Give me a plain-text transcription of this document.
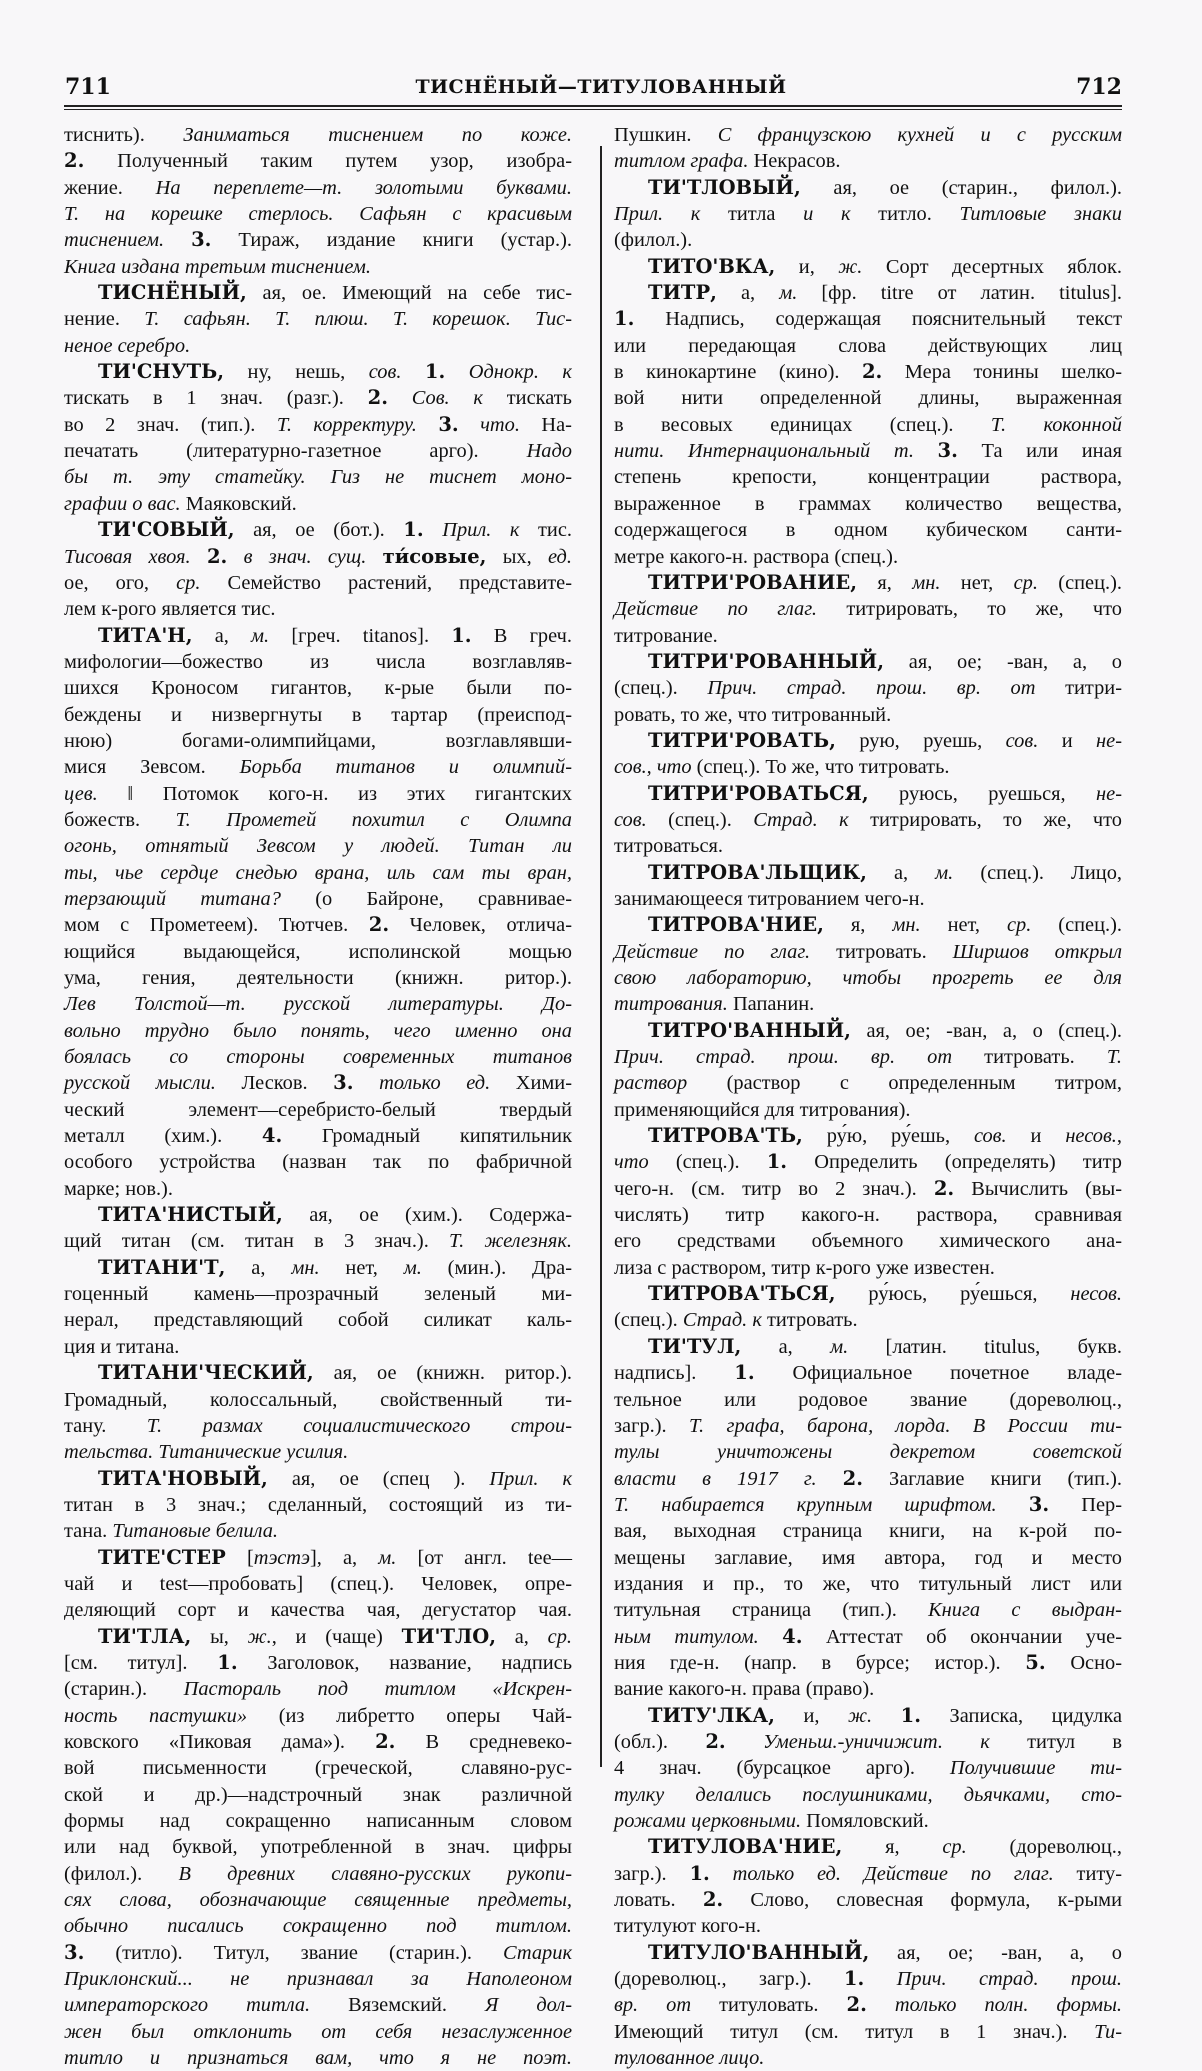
711	ТИСНЁНЫЙ—ТИТУЛОВАННЫЙ	712
тиснить). Заниматься тиснением по коже.
2. Полученный таким путем узор, изобра-
жение. На переплете—т. золотыми буквами.
Т. на корешке стерлось. Сафьян с красивым
тиснением. 3. Тираж, издание книги (устар.).
Книга издана третьим тиснением.
ТИСНЁНЫЙ, ая, ое. Имеющий на себе тис-
нение. Т. сафьян. Т. плюш. Т. корешок. Тис-
неное серебро.
ТИ'СНУТЬ, ну, нешь, сов. 1. Однокр. к
тискать в 1 знач. (разг.). 2. Сов. к тискать
во 2 знач. (тип.). Т. корректуру. 3. что. На-
печатать (литературно-газетное арго). Надо
бы т. эту статейку. Гиз не тиснет моно-
графии о вас. Маяковский.
ТИ'СОВЫЙ, ая, ое (бот.). 1. Прил. к тис.
Тисовая хвоя. 2. в знач. сущ. ти́совые, ых, ед.
ое, ого, ср. Семейство растений, представите-
лем к-рого является тис.
ТИТА'Н, а, м. [греч. titanos]. 1. В греч.
мифологии—божество из числа возглавляв-
шихся Кроносом гигантов, к-рые были по-
беждены и низвергнуты в тартар (преиспод-
нюю) богами-олимпийцами, возглавлявши-
мися Зевсом. Борьба титанов и олимпий-
цев. ‖ Потомок кого-н. из этих гигантских
божеств. Т. Прометей похитил с Олимпа
огонь, отнятый Зевсом у людей. Титан ли
ты, чье сердце снедью врана, иль сам ты вран,
терзающий титана? (о Байроне, сравнивае-
мом с Прометеем). Тютчев. 2. Человек, отлича-
ющийся выдающейся, исполинской мощью
ума, гения, деятельности (книжн. ритор.).
Лев Толстой—т. русской литературы. До-
вольно трудно было понять, чего именно она
боялась со стороны современных титанов
русской мысли. Лесков. 3. только ед. Хими-
ческий элемент—серебристо-белый твердый
металл (хим.). 4. Громадный кипятильник
особого устройства (назван так по фабричной
марке; нов.).
ТИТА'НИСТЫЙ, ая, ое (хим.). Содержа-
щий титан (см. титан в 3 знач.). Т. железняк.
ТИТАНИ'Т, а, мн. нет, м. (мин.). Дра-
гоценный камень—прозрачный зеленый ми-
нерал, представляющий собой силикат каль-
ция и титана.
ТИТАНИ'ЧЕСКИЙ, ая, ое (книжн. ритор.).
Громадный, колоссальный, свойственный ти-
тану. Т. размах социалистического строи-
тельства. Титанические усилия.
ТИТА'НОВЫЙ, ая, ое (спец ). Прил. к
титан в 3 знач.; сделанный, состоящий из ти-
тана. Титановые белила.
ТИТЕ'СТЕР [тэстэ], а, м. [от англ. tee—
чай и test—пробовать] (спец.). Человек, опре-
деляющий сорт и качества чая, дегустатор чая.
ТИ'ТЛА, ы, ж., и (чаще) ТИ'ТЛО, а, ср.
[см. титул]. 1. Заголовок, название, надпись
(старин.). Пастораль под титлом «Искрен-
ность пастушки» (из либретто оперы Чай-
ковского «Пиковая дама»). 2. В средневеко-
вой письменности (греческой, славяно-рус-
ской и др.)—надстрочный знак различной
формы над сокращенно написанным словом
или над буквой, употребленной в знач. цифры
(филол.). В древних славяно-русских рукопи-
сях слова, обозначающие священные предметы,
обычно писались сокращенно под титлом.
3. (титло). Титул, звание (старин.). Старик
Приклонский... не признавал за Наполеоном
императорского титла. Вяземский. Я дол-
жен был отклонить от себя незаслуженное
титло и признаться вам, что я не поэт.
Пушкин. С французскою кухней и с русским
титлом графа. Некрасов.
ТИ'ТЛОВЫЙ, ая, ое (старин., филол.).
Прил. к титла и к титло. Титловые знаки
(филол.).
ТИТО'ВКА, и, ж. Сорт десертных яблок.
ТИТР, а, м. [фр. titre от латин. titulus].
1. Надпись, содержащая пояснительный текст
или передающая слова действующих лиц
в кинокартине (кино). 2. Мера тонины шелко-
вой нити определенной длины, выраженная
в весовых единицах (спец.). Т. коконной
нити. Интернациональный т. 3. Та или иная
степень крепости, концентрации раствора,
выраженное в граммах количество вещества,
содержащегося в одном кубическом санти-
метре какого-н. раствора (спец.).
ТИТРИ'РОВАНИЕ, я, мн. нет, ср. (спец.).
Действие по глаг. титрировать, то же, что
титрование.
ТИТРИ'РОВАННЫЙ, ая, ое; -ван, а, о
(спец.). Прич. страд. прош. вр. от титри-
ровать, то же, что титрованный.
ТИТРИ'РОВАТЬ, рую, руешь, сов. и не-
сов., что (спец.). То же, что титровать.
ТИТРИ'РОВАТЬСЯ, руюсь, руешься, не-
сов. (спец.). Страд. к титрировать, то же, что
титроваться.
ТИТРОВА'ЛЬЩИК, а, м. (спец.). Лицо,
занимающееся титрованием чего-н.
ТИТРОВА'НИЕ, я, мн. нет, ср. (спец.).
Действие по глаг. титровать. Ширшов открыл
свою лабораторию, чтобы прогреть ее для
титрования. Папанин.
ТИТРО'ВАННЫЙ, ая, ое; -ван, а, о (спец.).
Прич. страд. прош. вр. от титровать. Т.
раствор (раствор с определенным титром,
применяющийся для титрования).
ТИТРОВА'ТЬ, ру́ю, ру́ешь, сов. и несов.,
что (спец.). 1. Определить (определять) титр
чего-н. (см. титр во 2 знач.). 2. Вычислить (вы-
числять) титр какого-н. раствора, сравнивая
его средствами объемного химического ана-
лиза с раствором, титр к-рого уже известен.
ТИТРОВА'ТЬСЯ, ру́юсь, ру́ешься, несов.
(спец.). Страд. к титровать.
ТИ'ТУЛ, а, м. [латин. titulus, букв.
надпись]. 1. Официальное почетное владе-
тельное или родовое звание (дореволюц.,
загр.). Т. графа, барона, лорда. В России ти-
тулы уничтожены декретом советской
власти в 1917 г. 2. Заглавие книги (тип.).
Т. набирается крупным шрифтом. 3. Пер-
вая, выходная страница книги, на к-рой по-
мещены заглавие, имя автора, год и место
издания и пр., то же, что титульный лист или
титульная страница (тип.). Книга с выдран-
ным титулом. 4. Аттестат об окончании уче-
ния где-н. (напр. в бурсе; истор.). 5. Осно-
вание какого-н. права (право).
ТИТУ'ЛКА, и, ж. 1. Записка, цидулка
(обл.). 2. Уменьш.-уничижит. к титул в
4 знач. (бурсацкое арго). Получившие ти-
тулку делались послушниками, дьячками, сто-
рожами церковными. Помяловский.
ТИТУЛОВА'НИЕ, я, ср. (дореволюц.,
загр.). 1. только ед. Действие по глаг. титу-
ловать. 2. Слово, словесная формула, к-рыми
титулуют кого-н.
ТИТУЛО'ВАННЫЙ, ая, ое; -ван, а, о
(дореволюц., загр.). 1. Прич. страд. прош.
вр. от титуловать. 2. только полн. формы.
Имеющий титул (см. титул в 1 знач.). Ти-
тулованное лицо.
